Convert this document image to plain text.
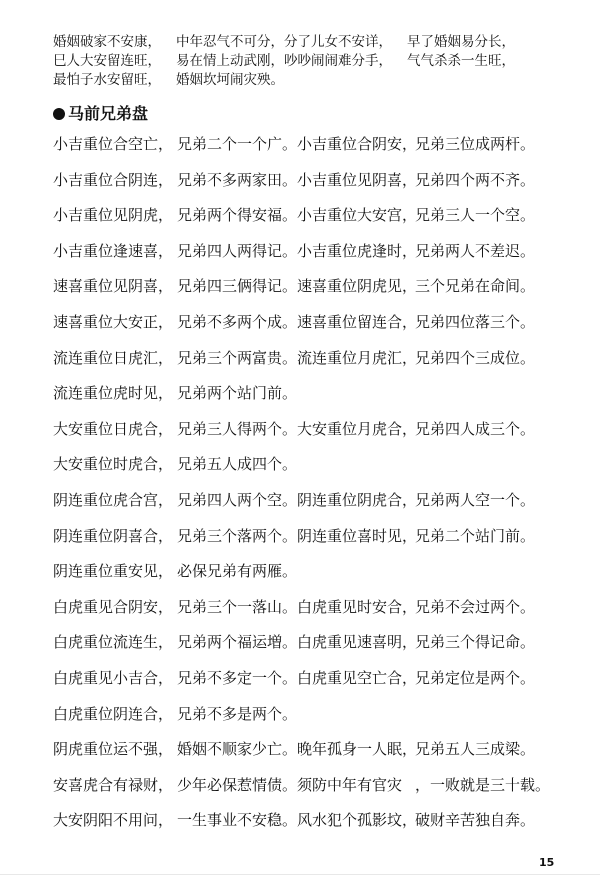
婚姻破家不安康， 中年忍气不可分，分了儿女不安详， 早了婚姻易分长，
巳人大安留连旺， 易在情上动武刚，吵吵闹闹难分手， 气气杀杀一生旺，
最怕子水安留旺， 婚姻坎坷闹灾殃。
马前兄弟盘
小吉重位合空亡， 兄弟二个一个广。小吉重位合阴安，
兄弟三位成两杆。
小吉重位合阴连， 兄弟不多两家田。小吉重位见阴喜，
兄弟四个两不齐。
小吉重位见阴虎， 兄弟两个得安福。小吉重位大安宫，
兄弟三人一个空。
小吉重位逢速喜， 兄弟四人两得记。小吉重位虎逢时，
兄弟两人不差迟。
速喜重位见阴喜， 兄弟四三俩得记。速喜重位阴虎见，
三个兄弟在命间。
速喜重位大安正， 兄弟不多两个成。速喜重位留连合，
兄弟四位落三个。
流连重位日虎汇， 兄弟三个两富贵。流连重位月虎汇，
兄弟四个三成位。
流连重位虎时见， 兄弟两个站门前。
大安重位日虎合， 兄弟三人得两个。大安重位月虎合，
兄弟四人成三个。
大安重位时虎合， 兄弟五人成四个。
阴连重位虎合宫， 兄弟四人两个空。阴连重位阴虎合，
兄弟两人空一个。
阴连重位阴喜合， 兄弟三个落两个。阴连重位喜时见，
兄弟二个站门前。
阴连重位重安见， 必保兄弟有两雁。
白虎重见合阴安， 兄弟三个一落山。白虎重见时安合，
兄弟不会过两个。
白虎重位流连生， 兄弟两个福运増。白虎重见速喜明，
兄弟三个得记命。
白虎重见小吉合， 兄弟不多定一个。白虎重见空亡合，
兄弟定位是两个。
白虎重位阴连合， 兄弟不多是两个。
阴虎重位运不强， 婚姻不顺家少亡。晚年孤身一人眠，
兄弟五人三成梁。
安喜虎合有禄财， 少年必保惹情债。须防中年有官灾 ，一败就是三十载。
大安阴阳不用问， 一生事业不安稳。风水犯个孤影坟，
破财辛苦独自奔。
15
